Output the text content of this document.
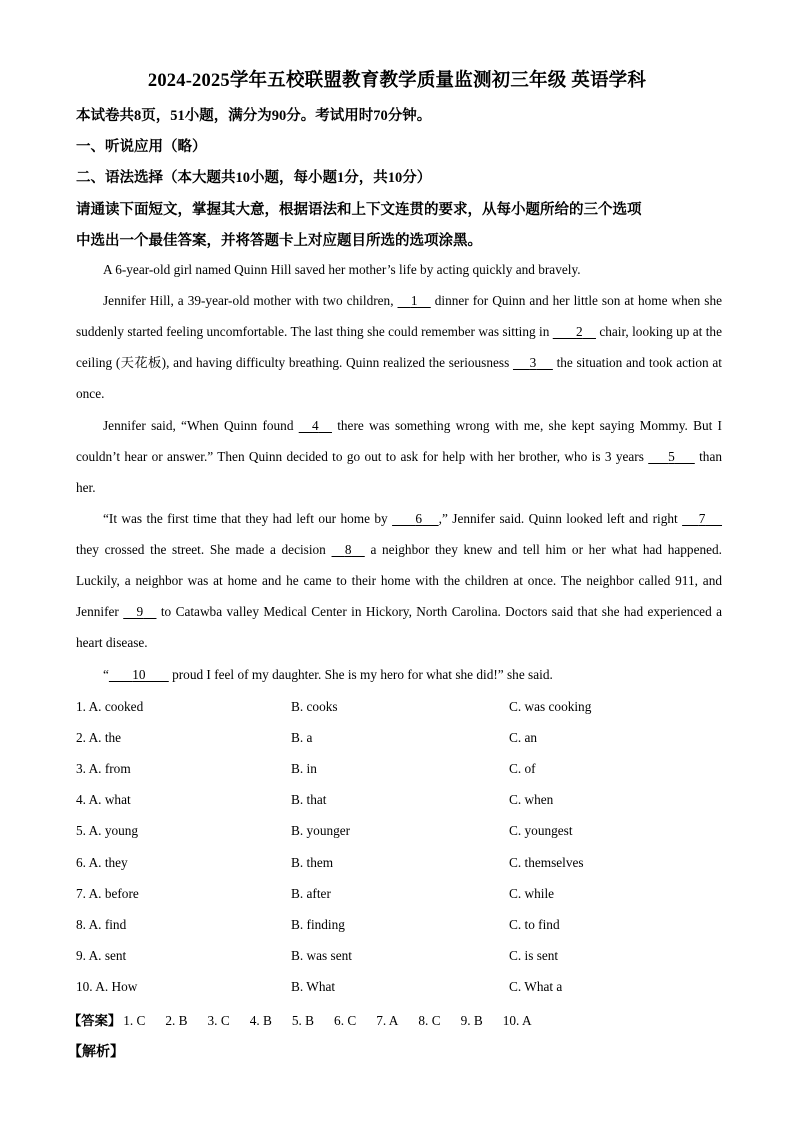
2024-2025学年五校联盟教育教学质量监测初三年级 英语学科
本试卷共8页，51小题，满分为90分。考试用时70分钟。
一、听说应用（略）
二、语法选择（本大题共10小题，每小题1分，共10分）
请通读下面短文，掌握其大意，根据语法和上下文连贯的要求，从每小题所给的三个选项
中选出一个最佳答案，并将答题卡上对应题目所选的选项涂黑。
A 6-year-old girl named Quinn Hill saved her mother’s life by acting quickly and bravely.
Jennifer Hill, a 39-year-old mother with two children,     1     dinner for Quinn and her little son at home when she suddenly started feeling uncomfortable. The last thing she could remember was sitting in        2     chair, looking up at the ceiling (天花板), and having difficulty breathing. Quinn realized the seriousness      3      the situation and took action at once.
Jennifer said, “When Quinn found     4     there was something wrong with me, she kept saying Mommy. But I couldn’t hear or answer.” Then Quinn decided to go out to ask for help with her brother, who is 3 years       5       than her.
“It was the first time that they had left our home by        6 ,” Jennifer said. Quinn looked left and right      7      they crossed the street. She made a decision     8     a neighbor they knew and tell him or her what had happened. Luckily, a neighbor was at home and he came to their home with the children at once. The neighbor called 911, and Jennifer     9     to Catawba valley Medical Center in Hickory, North Carolina. Doctors said that she had experienced a heart disease.
“ 10        proud I feel of my daughter. She is my hero for what she did!” she said.
1. A. cooked	B. cooks	C. was cooking
2. A. the	B. a	C. an
3. A. from	B. in	C. of
4. A. what	B. that	C. when
5. A. young	B. younger	C. youngest
6. A. they	B. them	C. themselves
7. A. before	B. after	C. while
8. A. find	B. finding	C. to find
9. A. sent	B. was sent	C. is sent
10. A. How	B. What	C. What a
【答案】 1. C 2. B 3. C 4. B 5. B 6. C 7. A 8. C 9. B 10. A
【解析】
